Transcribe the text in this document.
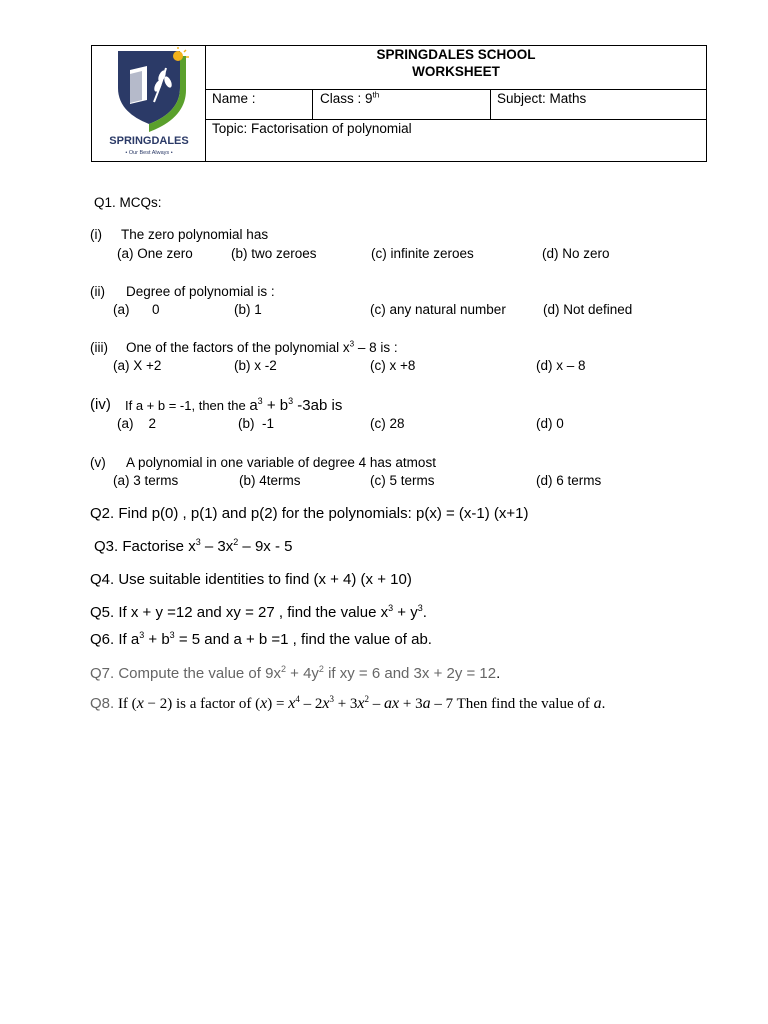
SPRINGDALES
• Our Best Always •
SPRINGDALES SCHOOL
WORKSHEET
Name :	Class : 9th	Subject: Maths
Topic: Factorisation of polynomial
Q1. MCQs:
(i) The zero polynomial has
(a) One zero	(b) two zeroes	(c) infinite zeroes	(d) No zero
(ii) Degree of polynomial is :
(a)      0	(b) 1	(c) any natural number	(d) Not defined
(iii) One of the factors of the polynomial $x^3 - 8$ is :
(a) X +2	(b) x -2	(c) x +8	(d) x – 8
(iv) If a + b = -1, then the $a^3 + b^3$ -3ab is
(a)    2	(b)  -1	(c) 28	(d) 0
(v) A polynomial in one variable of degree 4 has atmost
(a) 3 terms	(b) 4terms	(c) 5 terms	(d) 6 terms
Q2. Find p(0) , p(1) and p(2) for the polynomials: p(x) = (x-1) (x+1)
Q3. Factorise $x^3 - 3x^2 - 9x - 5$
Q4. Use suitable identities to find (x + 4) (x + 10)
Q5. If x + y =12 and xy = 27 , find the value $x^3 + y^3$.
Q6. If $a^3 + b^3 = 5$ and a + b =1 , find the value of ab.
Q7. Compute the value of $9x^2 + 4y^2$ if xy = 6 and 3x + 2y = 12.
Q8. If (x − 2) is a factor of $(x) = x^4 - 2x^3 + 3x^2$ – ax + 3a – 7 Then find the value of a.
